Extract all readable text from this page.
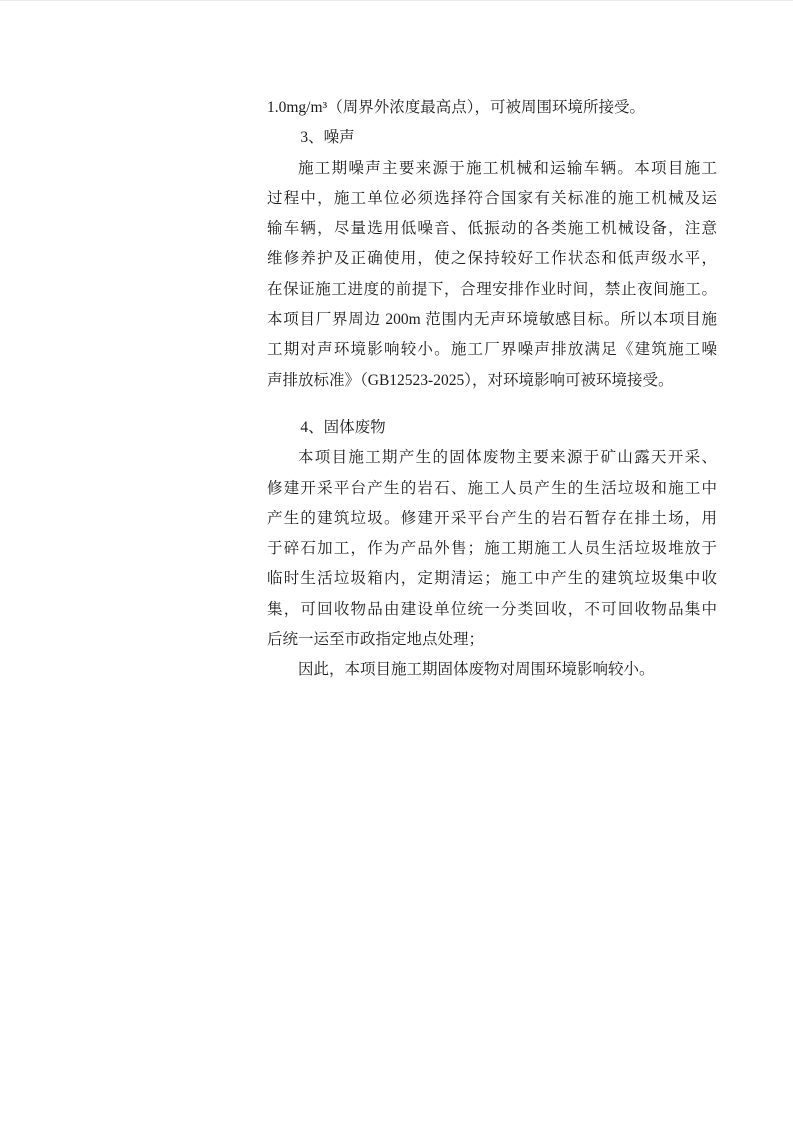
1.0mg/m³（周界外浓度最高点），可被周围环境所接受。

3、噪声

施工期噪声主要来源于施工机械和运输车辆。本项目施工

过程中，施工单位必须选择符合国家有关标准的施工机械及运

输车辆，尽量选用低噪音、低振动的各类施工机械设备，注意

维修养护及正确使用，使之保持较好工作状态和低声级水平，

在保证施工进度的前提下，合理安排作业时间，禁止夜间施工。

本项目厂界周边 200m 范围内无声环境敏感目标。所以本项目施

工期对声环境影响较小。施工厂界噪声排放满足《建筑施工噪

声排放标准》（GB12523-2025），对环境影响可被环境接受。

4、固体废物

本项目施工期产生的固体废物主要来源于矿山露天开采、

修建开采平台产生的岩石、施工人员产生的生活垃圾和施工中

产生的建筑垃圾。修建开采平台产生的岩石暂存在排土场，用

于碎石加工，作为产品外售；施工期施工人员生活垃圾堆放于

临时生活垃圾箱内，定期清运；施工中产生的建筑垃圾集中收

集，可回收物品由建设单位统一分类回收，不可回收物品集中

后统一运至市政指定地点处理；

因此，本项目施工期固体废物对周围环境影响较小。
